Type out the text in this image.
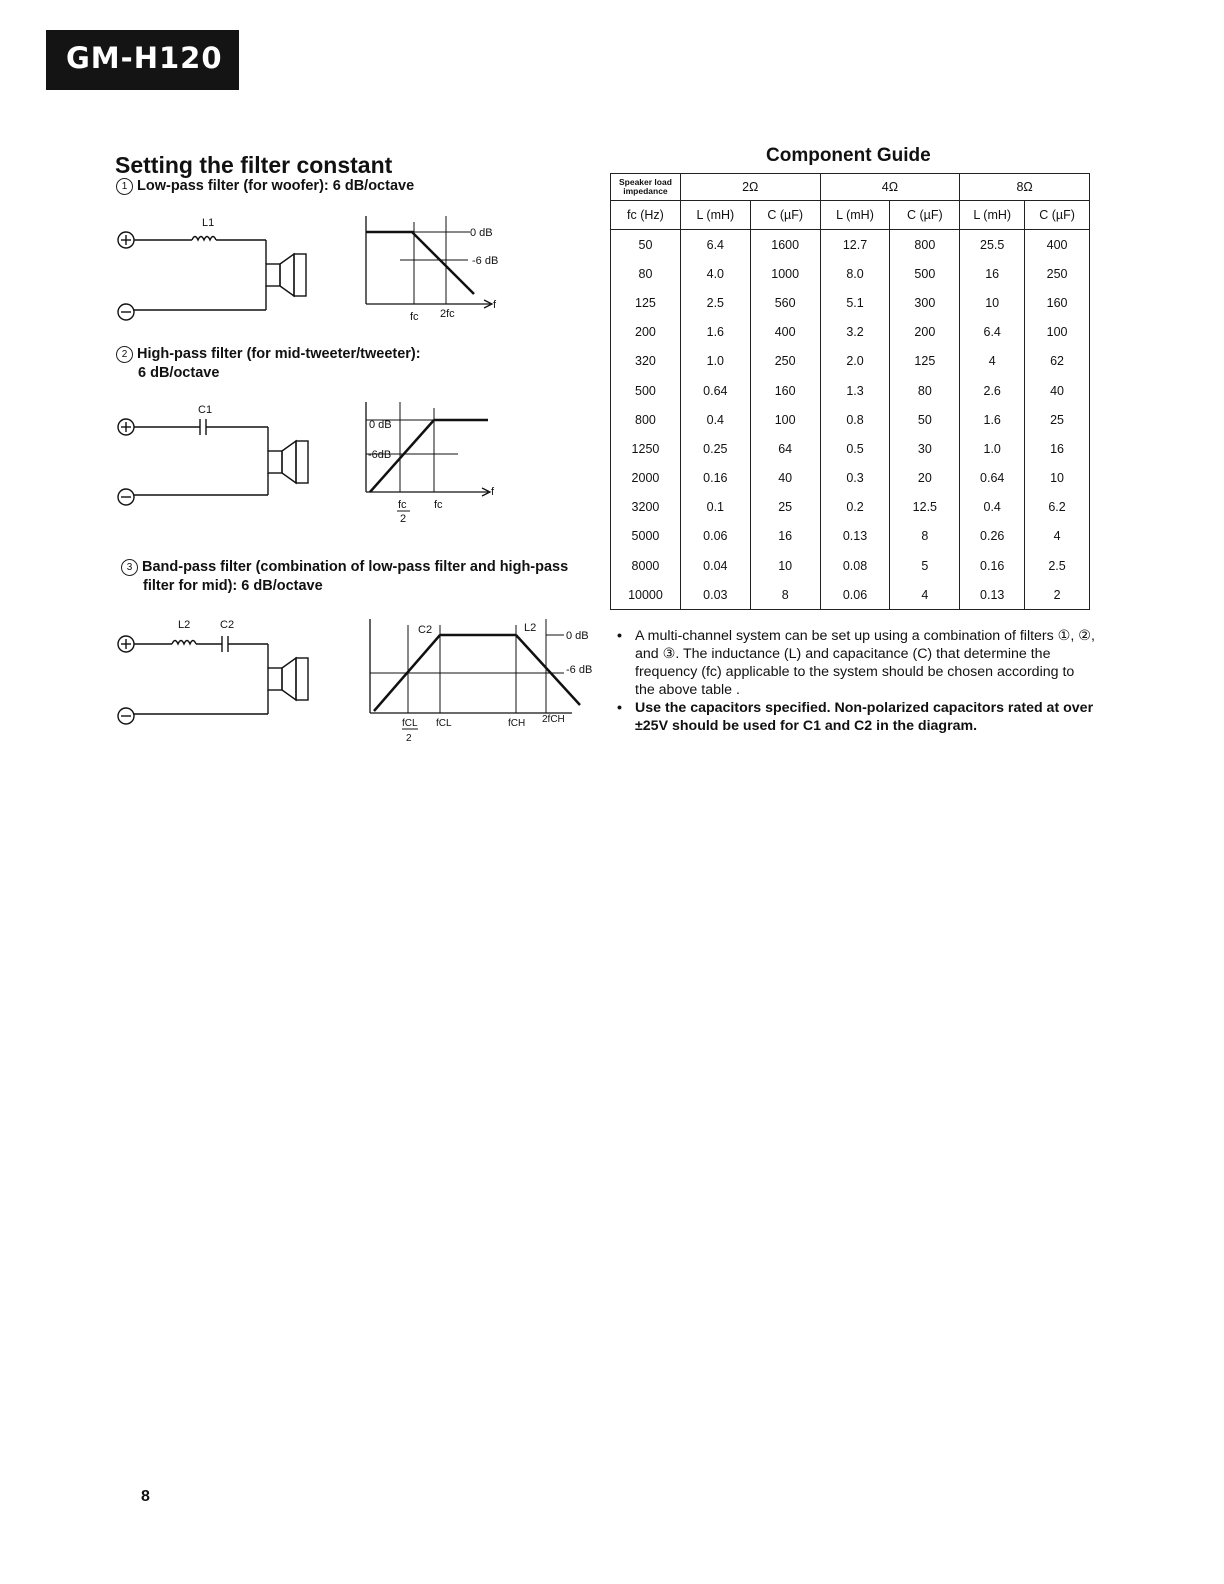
GM-H120
Setting the filter constant
1 Low-pass filter (for woofer): 6 dB/octave
L1
0 dB
-6 dB
fc 2fc
f
2 High-pass filter (for mid-tweeter/tweeter):
6 dB/octave
C1
0 dB
-6dB
fc
2
fc
f
3 Band-pass filter (combination of low-pass filter and high-pass
filter for mid): 6 dB/octave
L2	C2	C2	L2
0 dB
-6 dB
fCL
2
fCL	fCH 2fCH
Component Guide
Speaker load
impedance	2Ω		4Ω		8Ω	
fc (Hz)	L (mH)	C (µF)	L (mH)	C (µF)	L (mH)	C (µF)
50	6.4	1600	12.7	800	25.5	400
80	4.0	1000	8.0	500	16	250
125	2.5	560	5.1	300	10	160
200	1.6	400	3.2	200	6.4	100
320	1.0	250	2.0	125	4	62
500	0.64	160	1.3	80	2.6	40
800	0.4	100	0.8	50	1.6	25
1250	0.25	64	0.5	30	1.0	16
2000	0.16	40	0.3	20	0.64	10
3200	0.1	25	0.2	12.5	0.4	6.2
5000	0.06	16	0.13	8	0.26	4
8000	0.04	10	0.08	5	0.16	2.5
10000	0.03	8	0.06	4	0.13	2
• A multi-channel system can be set up using a combination of filters ①, ②, and ③. The inductance (L) and capacitance (C) that determine the frequency (fc) applicable to the system should be chosen according to the above table .
• Use the capacitors specified. Non-polarized capacitors rated at over ±25V should be used for C1 and C2 in the diagram.
8
